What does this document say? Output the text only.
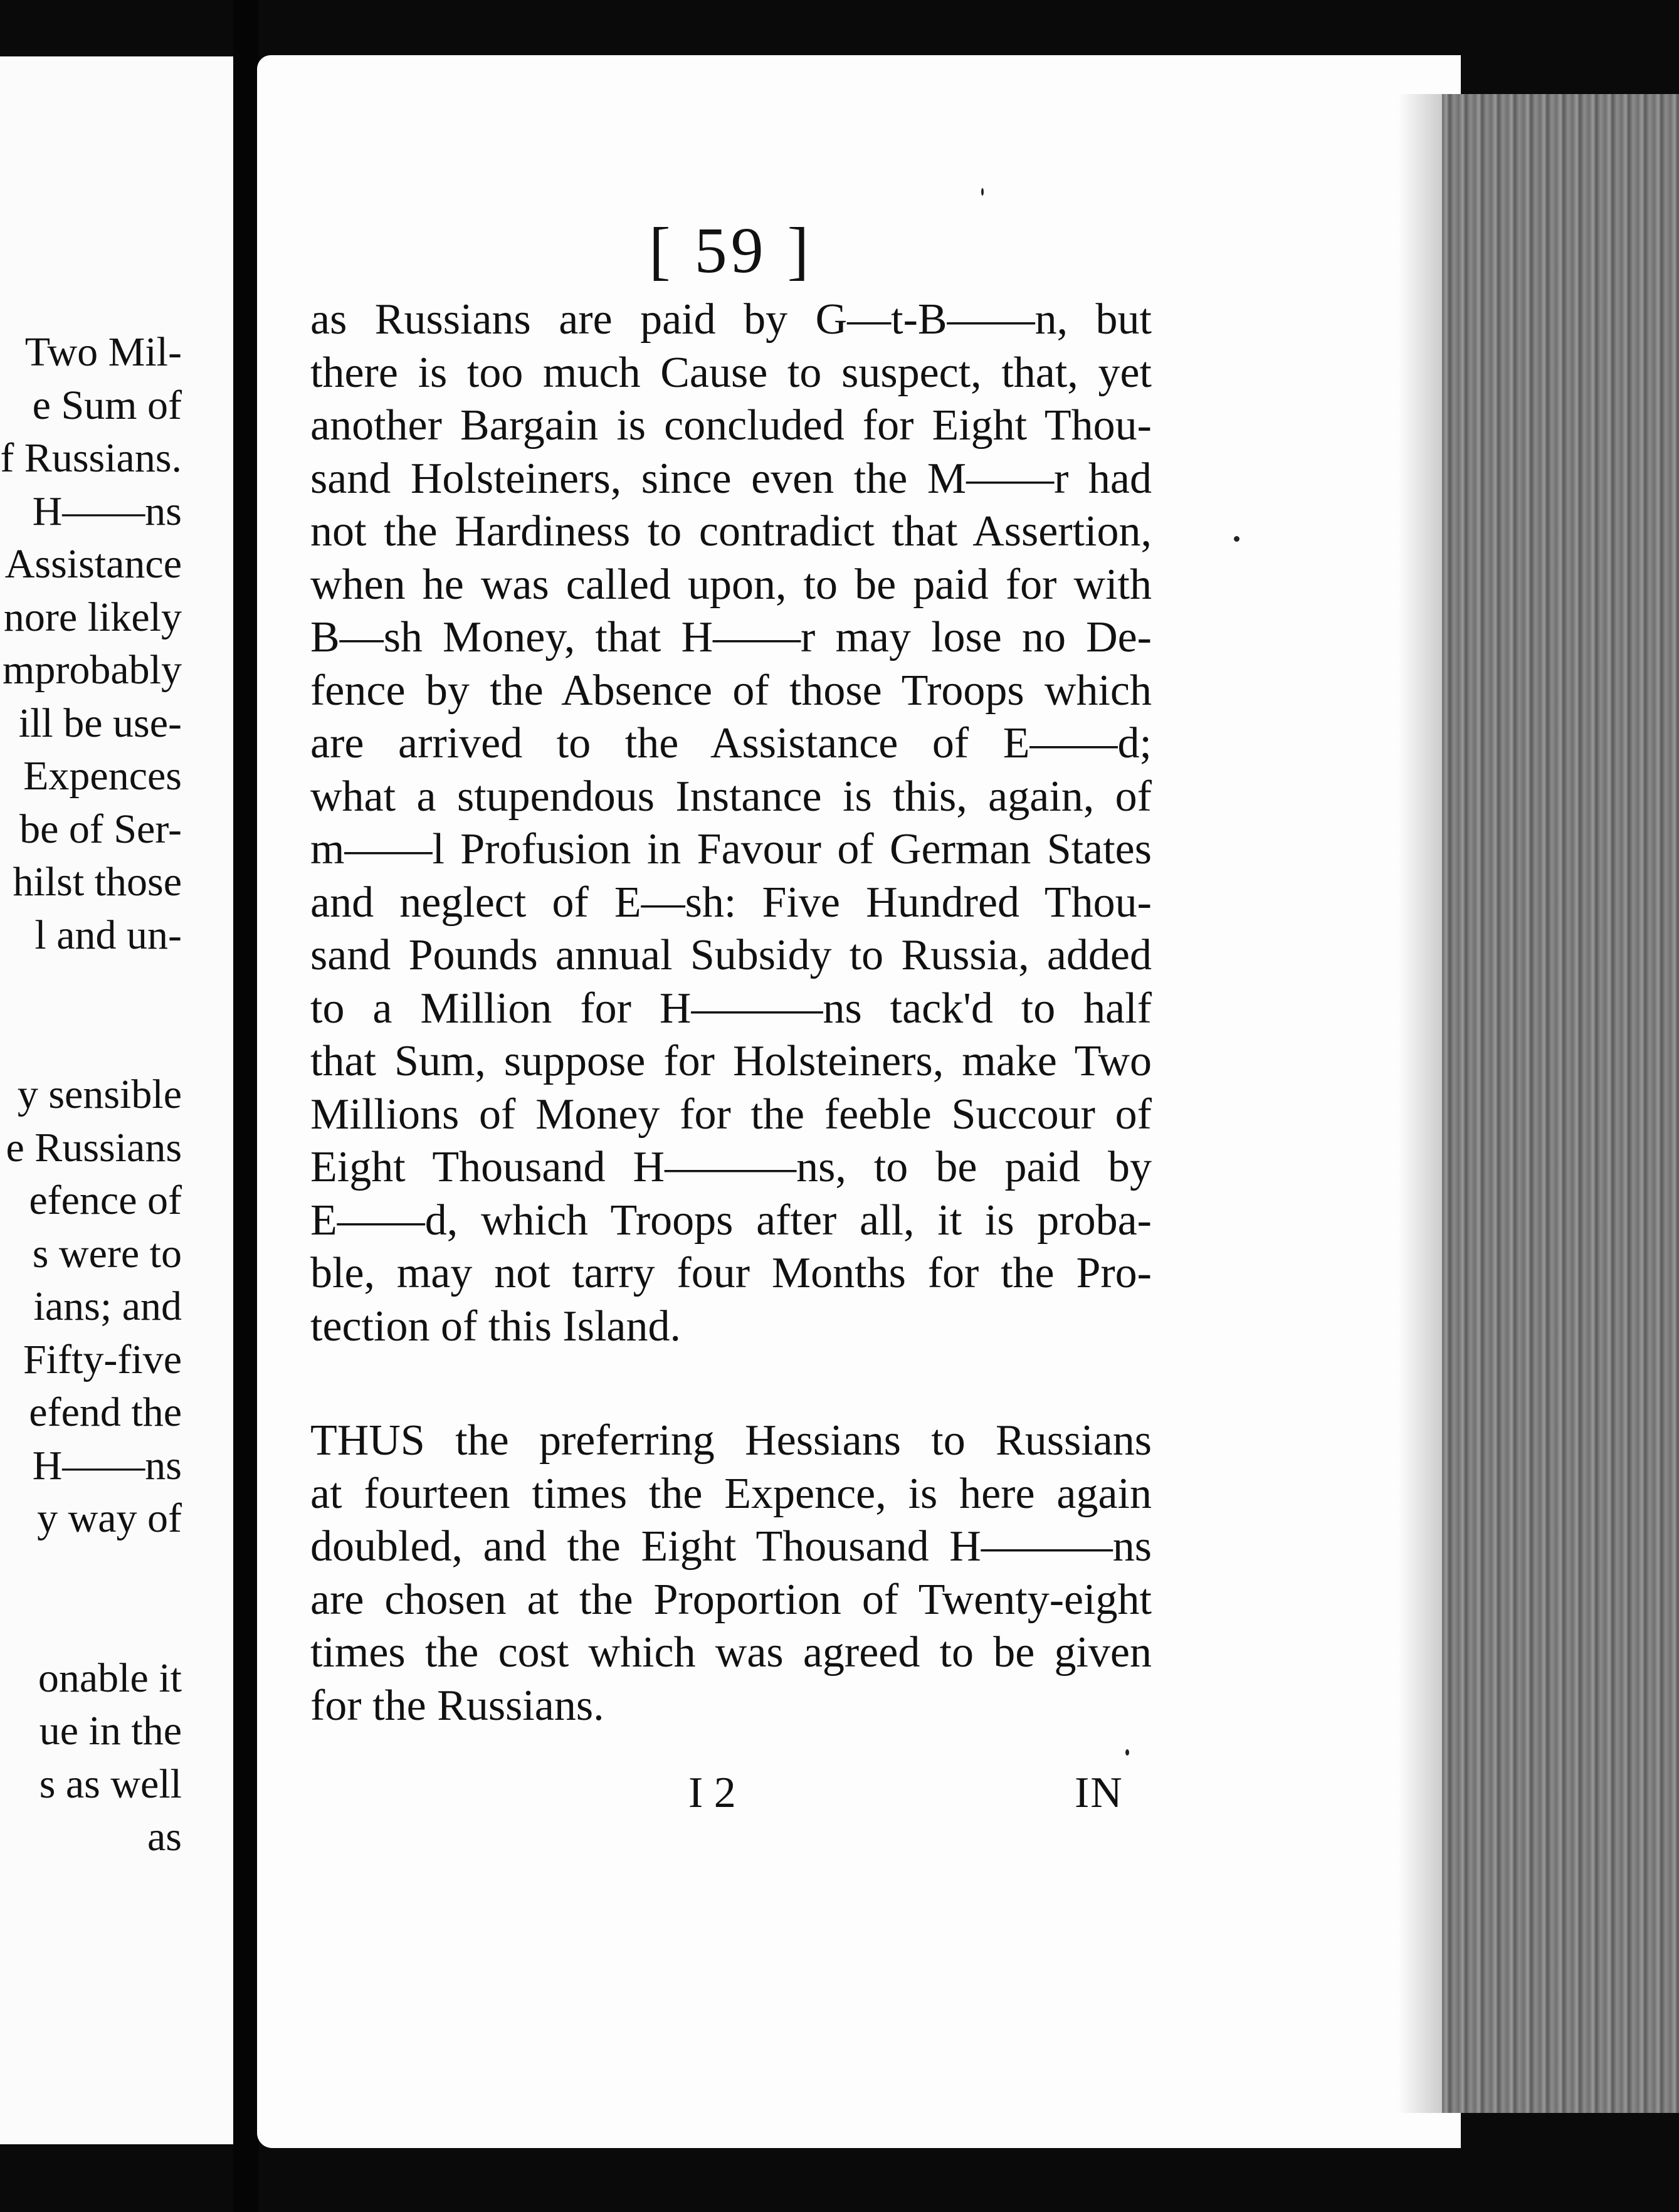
Two Mil-
e Sum of
f Russians.
H——ns
Assistance
nore likely
mprobably
ill be use-
Expences
be of Ser-
hilst those
l and un-
y sensible
e Russians
efence of
s were to
ians; and
Fifty-five
efend the
H——ns
y way of
onable it
ue in the
s as well
as
[ 59 ]
as Russians are paid by G—t-B——n, but
there is too much Cause to suspect, that, yet
another Bargain is concluded for Eight Thou-
sand Holsteiners, since even the M——r had
not the Hardiness to contradict that Assertion,
when he was called upon, to be paid for with
B—sh Money, that H——r may lose no De-
fence by the Absence of those Troops which
are arrived to the Assistance of E——d;
what a stupendous Instance is this, again, of
m——l Profusion in Favour of German States
and neglect of E—sh: Five Hundred Thou-
sand Pounds annual Subsidy to Russia, added
to a Million for H———ns tack'd to half
that Sum, suppose for Holsteiners, make Two
Millions of Money for the feeble Succour of
Eight Thousand H———ns, to be paid by
E——d, which Troops after all, it is proba-
ble, may not tarry four Months for the Pro-
tection of this Island.
THUS the preferring Hessians to Russians
at fourteen times the Expence, is here again
doubled, and the Eight Thousand H———ns
are chosen at the Proportion of Twenty-eight
times the cost which was agreed to be given
for the Russians.
I 2	IN
